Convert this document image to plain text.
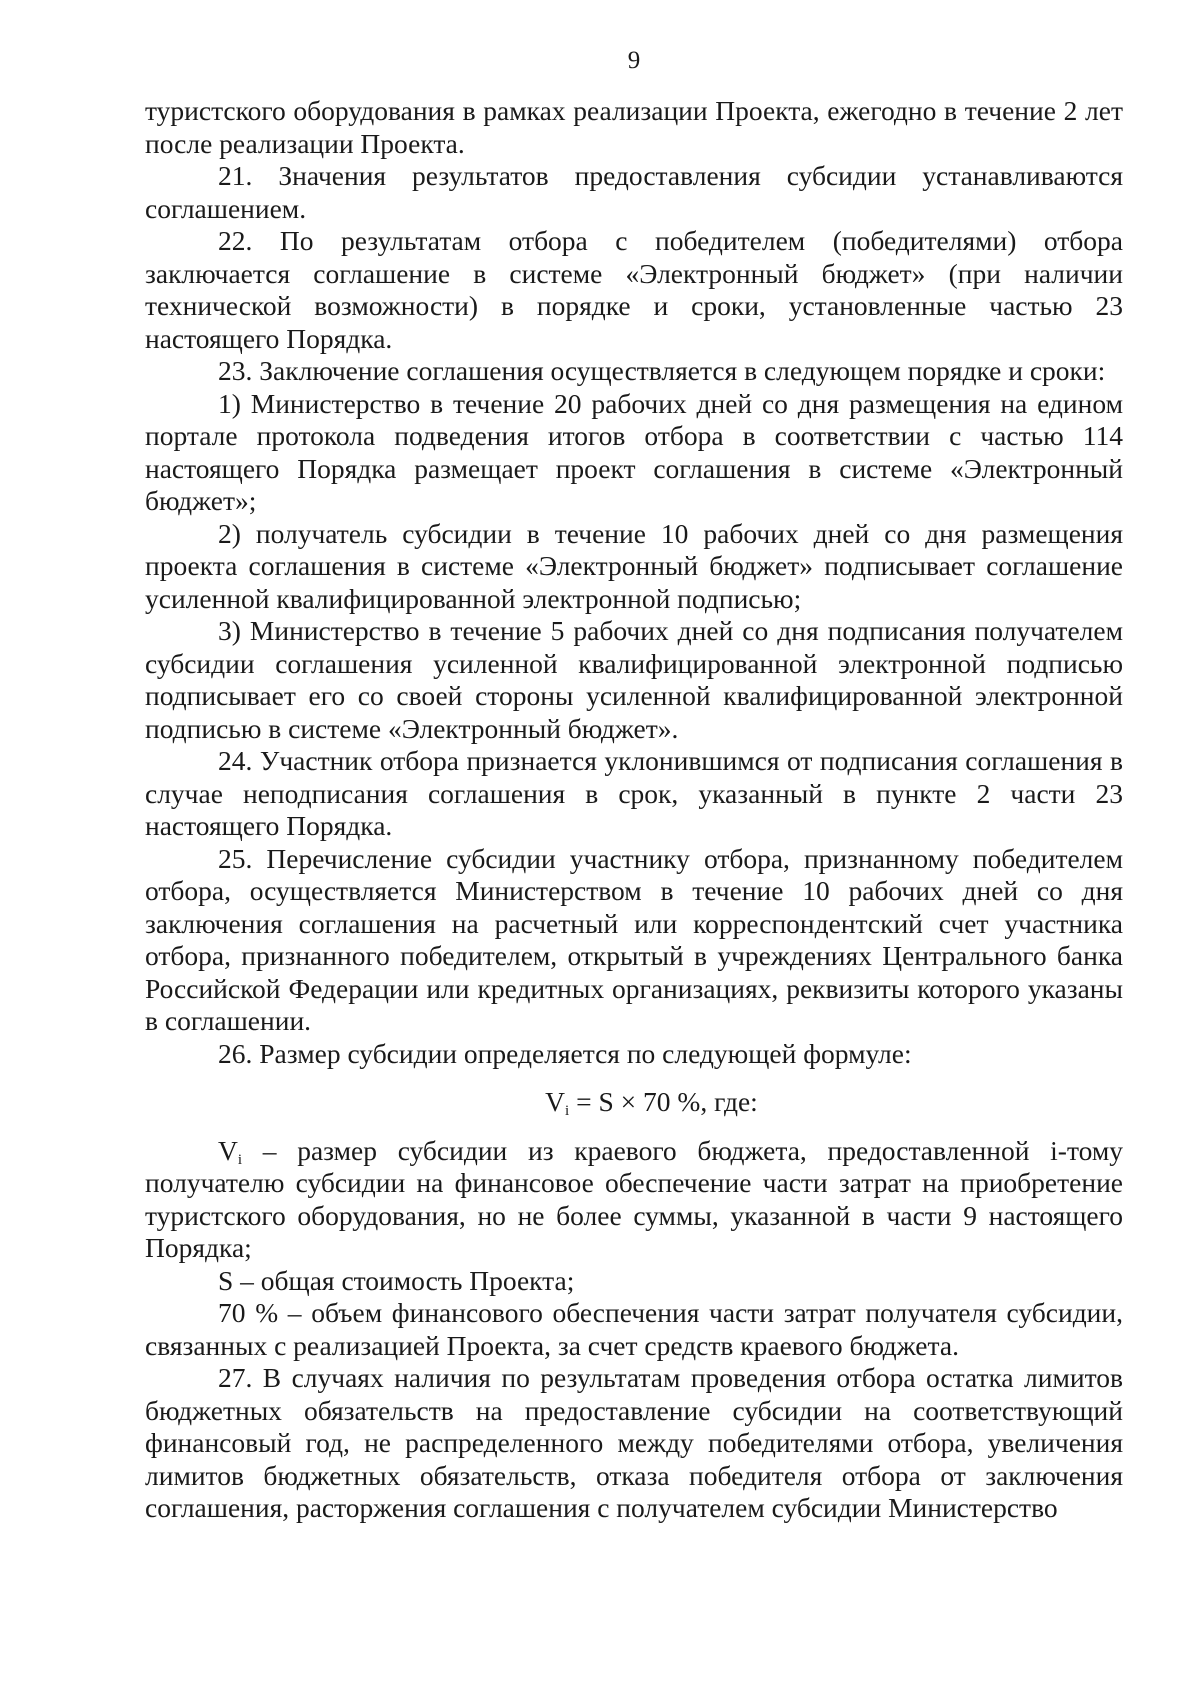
9

туристского оборудования в рамках реализации Проекта, ежегодно в течение 2 лет после реализации Проекта.

21. Значения результатов предоставления субсидии устанавливаются соглашением.

22. По результатам отбора с победителем (победителями) отбора заключается соглашение в системе «Электронный бюджет» (при наличии технической возможности) в порядке и сроки, установленные частью 23 настоящего Порядка.

23. Заключение соглашения осуществляется в следующем порядке и сроки:

1) Министерство в течение 20 рабочих дней со дня размещения на едином портале протокола подведения итогов отбора в соответствии с частью 114 настоящего Порядка размещает проект соглашения в системе «Электронный бюджет»;

2) получатель субсидии в течение 10 рабочих дней со дня размещения проекта соглашения в системе «Электронный бюджет» подписывает соглашение усиленной квалифицированной электронной подписью;

3) Министерство в течение 5 рабочих дней со дня подписания получателем субсидии соглашения усиленной квалифицированной электронной подписью подписывает его со своей стороны усиленной квалифицированной электронной подписью в системе «Электронный бюджет».

24. Участник отбора признается уклонившимся от подписания соглашения в случае неподписания соглашения в срок, указанный в пункте 2 части 23 настоящего Порядка.

25. Перечисление субсидии участнику отбора, признанному победителем отбора, осуществляется Министерством в течение 10 рабочих дней со дня заключения соглашения на расчетный или корреспондентский счет участника отбора, признанного победителем, открытый в учреждениях Центрального банка Российской Федерации или кредитных организациях, реквизиты которого указаны в соглашении.

26. Размер субсидии определяется по следующей формуле:

$V_i = S \times 70$ %, где:

$V_i$ – размер субсидии из краевого бюджета, предоставленной i-тому получателю субсидии на финансовое обеспечение части затрат на приобретение туристского оборудования, но не более суммы, указанной в части 9 настоящего Порядка;

S – общая стоимость Проекта;

70 % – объем финансового обеспечения части затрат получателя субсидии, связанных с реализацией Проекта, за счет средств краевого бюджета.

27. В случаях наличия по результатам проведения отбора остатка лимитов бюджетных обязательств на предоставление субсидии на соответствующий финансовый год, не распределенного между победителями отбора, увеличения лимитов бюджетных обязательств, отказа победителя отбора от заключения соглашения, расторжения соглашения с получателем субсидии Министерство
